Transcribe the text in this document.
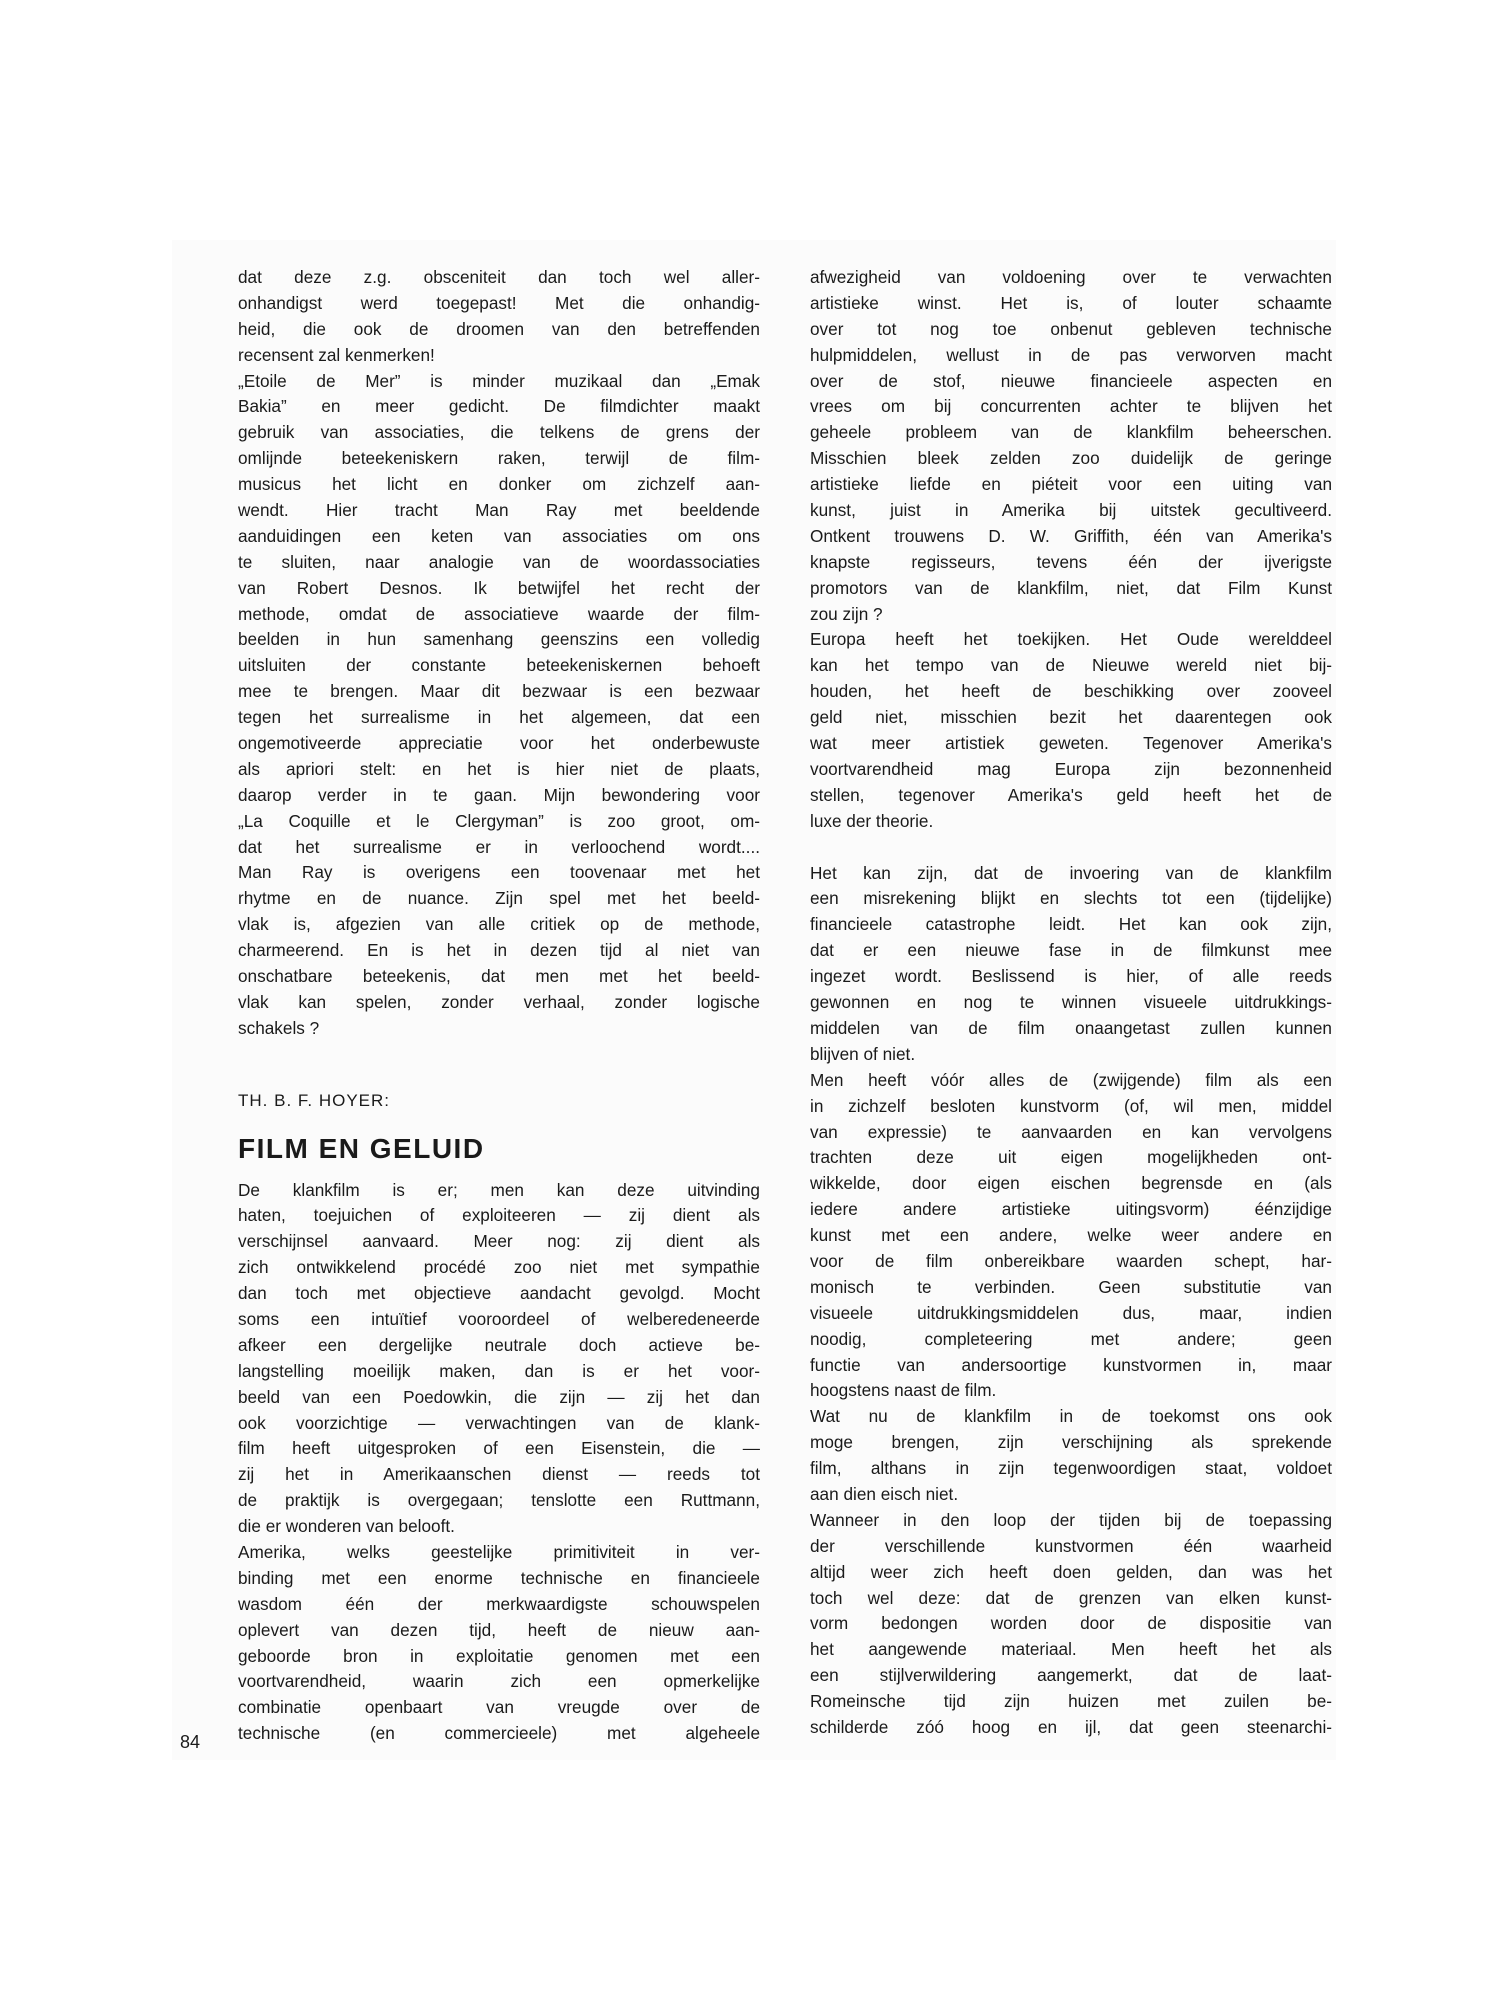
dat deze z.g. obsceniteit dan toch wel aller-
onhandigst werd toegepast! Met die onhandig-
heid, die ook de droomen van den betreffenden
recensent zal kenmerken!
„Etoile de Mer” is minder muzikaal dan „Emak
Bakia” en meer gedicht. De filmdichter maakt
gebruik van associaties, die telkens de grens der
omlijnde beteekeniskern raken, terwijl de film-
musicus het licht en donker om zichzelf aan-
wendt. Hier tracht Man Ray met beeldende
aanduidingen een keten van associaties om ons
te sluiten, naar analogie van de woordassociaties
van Robert Desnos. Ik betwijfel het recht der
methode, omdat de associatieve waarde der film-
beelden in hun samenhang geenszins een volledig
uitsluiten der constante beteekeniskernen behoeft
mee te brengen. Maar dit bezwaar is een bezwaar
tegen het surrealisme in het algemeen, dat een
ongemotiveerde appreciatie voor het onderbewuste
als apriori stelt: en het is hier niet de plaats,
daarop verder in te gaan. Mijn bewondering voor
„La Coquille et le Clergyman” is zoo groot, om-
dat het surrealisme er in verloochend wordt....
Man Ray is overigens een toovenaar met het
rhytme en de nuance. Zijn spel met het beeld-
vlak is, afgezien van alle critiek op de methode,
charmeerend. En is het in dezen tijd al niet van
onschatbare beteekenis, dat men met het beeld-
vlak kan spelen, zonder verhaal, zonder logische
schakels ?
TH. B. F. HOYER:
FILM EN GELUID
De klankfilm is er; men kan deze uitvinding
haten, toejuichen of exploiteeren — zij dient als
verschijnsel aanvaard. Meer nog: zij dient als
zich ontwikkelend procédé zoo niet met sympathie
dan toch met objectieve aandacht gevolgd. Mocht
soms een intuïtief vooroordeel of welberedeneerde
afkeer een dergelijke neutrale doch actieve be-
langstelling moeilijk maken, dan is er het voor-
beeld van een Poedowkin, die zijn — zij het dan
ook voorzichtige — verwachtingen van de klank-
film heeft uitgesproken of een Eisenstein, die —
zij het in Amerikaanschen dienst — reeds tot
de praktijk is overgegaan; tenslotte een Ruttmann,
die er wonderen van belooft.
Amerika, welks geestelijke primitiviteit in ver-
binding met een enorme technische en financieele
wasdom één der merkwaardigste schouwspelen
oplevert van dezen tijd, heeft de nieuw aan-
geboorde bron in exploitatie genomen met een
voortvarendheid, waarin zich een opmerkelijke
combinatie openbaart van vreugde over de
technische (en commercieele) met algeheele
afwezigheid van voldoening over te verwachten
artistieke winst. Het is, of louter schaamte
over tot nog toe onbenut gebleven technische
hulpmiddelen, wellust in de pas verworven macht
over de stof, nieuwe financieele aspecten en
vrees om bij concurrenten achter te blijven het
geheele probleem van de klankfilm beheerschen.
Misschien bleek zelden zoo duidelijk de geringe
artistieke liefde en piéteit voor een uiting van
kunst, juist in Amerika bij uitstek gecultiveerd.
Ontkent trouwens D. W. Griffith, één van Amerika's
knapste regisseurs, tevens één der ijverigste
promotors van de klankfilm, niet, dat Film Kunst
zou zijn ?
Europa heeft het toekijken. Het Oude werelddeel
kan het tempo van de Nieuwe wereld niet bij-
houden, het heeft de beschikking over zooveel
geld niet, misschien bezit het daarentegen ook
wat meer artistiek geweten. Tegenover Amerika's
voortvarendheid mag Europa zijn bezonnenheid
stellen, tegenover Amerika's geld heeft het de
luxe der theorie.
Het kan zijn, dat de invoering van de klankfilm
een misrekening blijkt en slechts tot een (tijdelijke)
financieele catastrophe leidt. Het kan ook zijn,
dat er een nieuwe fase in de filmkunst mee
ingezet wordt. Beslissend is hier, of alle reeds
gewonnen en nog te winnen visueele uitdrukkings-
middelen van de film onaangetast zullen kunnen
blijven of niet.
Men heeft vóór alles de (zwijgende) film als een
in zichzelf besloten kunstvorm (of, wil men, middel
van expressie) te aanvaarden en kan vervolgens
trachten deze uit eigen mogelijkheden ont-
wikkelde, door eigen eischen begrensde en (als
iedere andere artistieke uitingsvorm) éénzijdige
kunst met een andere, welke weer andere en
voor de film onbereikbare waarden schept, har-
monisch te verbinden. Geen substitutie van
visueele uitdrukkingsmiddelen dus, maar, indien
noodig, completeering met andere; geen
functie van andersoortige kunstvormen in, maar
hoogstens naast de film.
Wat nu de klankfilm in de toekomst ons ook
moge brengen, zijn verschijning als sprekende
film, althans in zijn tegenwoordigen staat, voldoet
aan dien eisch niet.
Wanneer in den loop der tijden bij de toepassing
der verschillende kunstvormen één waarheid
altijd weer zich heeft doen gelden, dan was het
toch wel deze: dat de grenzen van elken kunst-
vorm bedongen worden door de dispositie van
het aangewende materiaal. Men heeft het als
een stijlverwildering aangemerkt, dat de laat-
Romeinsche tijd zijn huizen met zuilen be-
schilderde zóó hoog en ijl, dat geen steenarchi-
84
